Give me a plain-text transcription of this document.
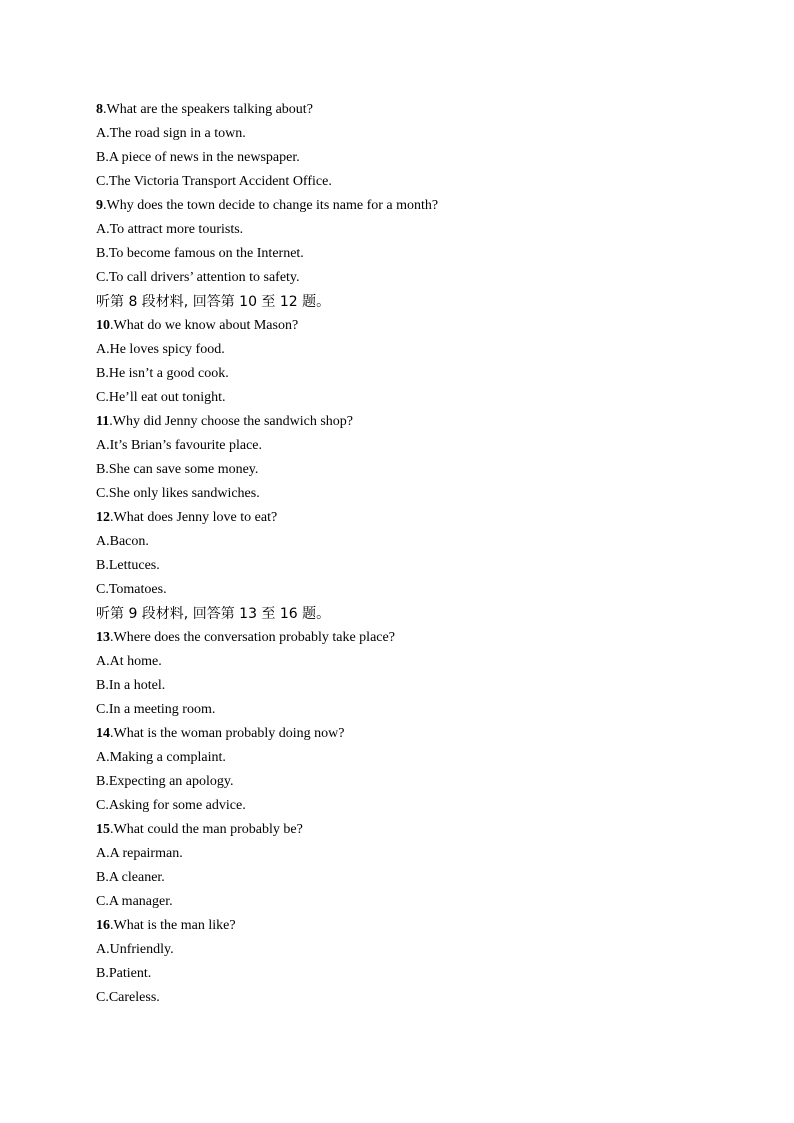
8.What are the speakers talking about?
A.The road sign in a town.
B.A piece of news in the newspaper.
C.The Victoria Transport Accident Office.
9.Why does the town decide to change its name for a month?
A.To attract more tourists.
B.To become famous on the Internet.
C.To call drivers’ attention to safety.
听第 8 段材料, 回答第 10 至 12 题。
10.What do we know about Mason?
A.He loves spicy food.
B.He isn’t a good cook.
C.He’ll eat out tonight.
11.Why did Jenny choose the sandwich shop?
A.It’s Brian’s favourite place.
B.She can save some money.
C.She only likes sandwiches.
12.What does Jenny love to eat?
A.Bacon.
B.Lettuces.
C.Tomatoes.
听第 9 段材料, 回答第 13 至 16 题。
13.Where does the conversation probably take place?
A.At home.
B.In a hotel.
C.In a meeting room.
14.What is the woman probably doing now?
A.Making a complaint.
B.Expecting an apology.
C.Asking for some advice.
15.What could the man probably be?
A.A repairman.
B.A cleaner.
C.A manager.
16.What is the man like?
A.Unfriendly.
B.Patient.
C.Careless.
